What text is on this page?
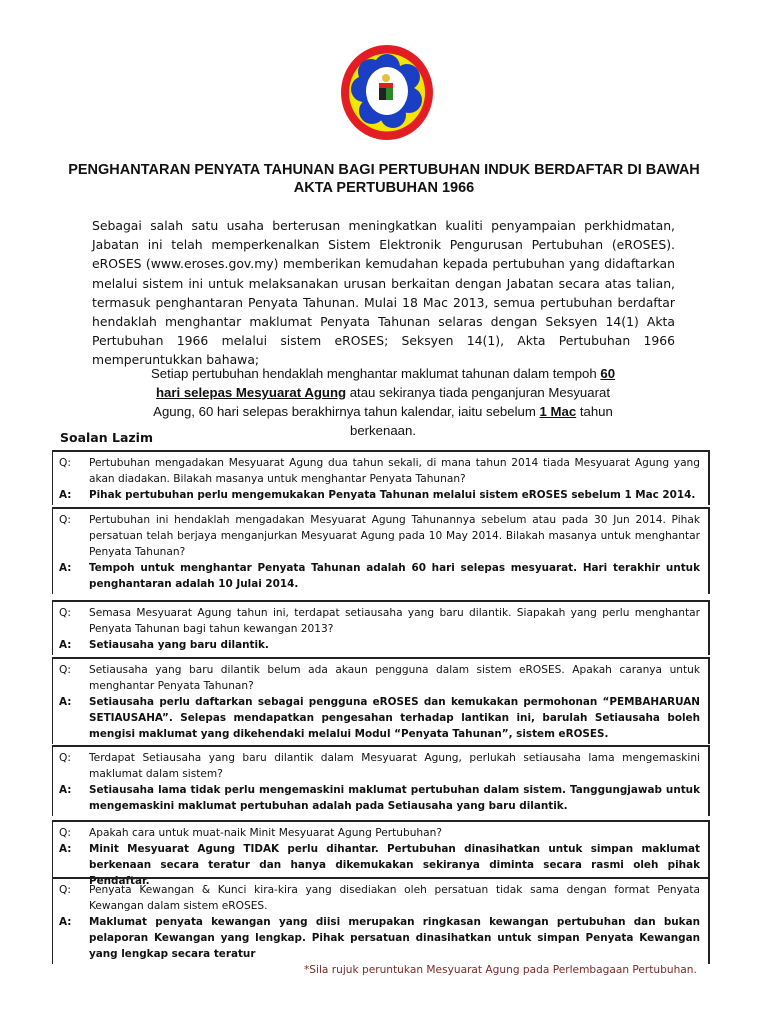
PENGHANTARAN PENYATA TAHUNAN BAGI PERTUBUHAN INDUK BERDAFTAR DI BAWAH AKTA PERTUBUHAN 1966
Sebagai salah satu usaha berterusan meningkatkan kualiti penyampaian perkhidmatan, Jabatan ini telah memperkenalkan Sistem Elektronik Pengurusan Pertubuhan (eROSES). eROSES (www.eroses.gov.my) memberikan kemudahan kepada pertubuhan yang didaftarkan melalui sistem ini untuk melaksanakan urusan berkaitan dengan Jabatan secara atas talian, termasuk penghantaran Penyata Tahunan. Mulai 18 Mac 2013, semua pertubuhan berdaftar hendaklah menghantar maklumat Penyata Tahunan selaras dengan Seksyen 14(1) Akta Pertubuhan 1966 melalui sistem eROSES; Seksyen 14(1), Akta Pertubuhan 1966 memperuntukkan bahawa;
Setiap pertubuhan hendaklah menghantar maklumat tahunan dalam tempoh 60 hari selepas Mesyuarat Agung atau sekiranya tiada penganjuran Mesyuarat Agung, 60 hari selepas berakhirnya tahun kalendar, iaitu sebelum 1 Mac tahun berkenaan.
Soalan Lazim
Q:	Pertubuhan mengadakan Mesyuarat Agung dua tahun sekali, di mana tahun 2014 tiada Mesyuarat Agung yang akan diadakan. Bilakah masanya untuk menghantar Penyata Tahunan?
A:	Pihak pertubuhan perlu mengemukakan Penyata Tahunan melalui sistem eROSES sebelum 1 Mac 2014.
Q:	Pertubuhan ini hendaklah mengadakan Mesyuarat Agung Tahunannya sebelum atau pada 30 Jun 2014. Pihak persatuan telah berjaya menganjurkan Mesyuarat Agung pada 10 May 2014. Bilakah masanya untuk menghantar Penyata Tahunan?
A:	Tempoh untuk menghantar Penyata Tahunan adalah 60 hari selepas mesyuarat. Hari terakhir untuk penghantaran adalah 10 Julai 2014.
Q:	Semasa Mesyuarat Agung tahun ini, terdapat setiausaha yang baru dilantik. Siapakah yang perlu menghantar Penyata Tahunan bagi tahun kewangan 2013?
A:	Setiausaha yang baru dilantik.
Q:	Setiausaha yang baru dilantik belum ada akaun pengguna dalam sistem eROSES. Apakah caranya untuk menghantar Penyata Tahunan?
A:	Setiausaha perlu daftarkan sebagai pengguna eROSES dan kemukakan permohonan “PEMBAHARUAN SETIAUSAHA”. Selepas mendapatkan pengesahan terhadap lantikan ini, barulah Setiausaha boleh mengisi maklumat yang dikehendaki melalui Modul “Penyata Tahunan”, sistem eROSES.
Q:	Terdapat Setiausaha yang baru dilantik dalam Mesyuarat Agung, perlukah setiausaha lama mengemaskini maklumat dalam sistem?
A:	Setiausaha lama tidak perlu mengemaskini maklumat pertubuhan dalam sistem. Tanggungjawab untuk mengemaskini maklumat pertubuhan adalah pada Setiausaha yang baru dilantik.
Q:	Apakah cara untuk muat-naik Minit Mesyuarat Agung Pertubuhan?
A:	Minit Mesyuarat Agung TIDAK perlu dihantar. Pertubuhan dinasihatkan untuk simpan maklumat berkenaan secara teratur dan hanya dikemukakan sekiranya diminta secara rasmi oleh pihak Pendaftar.
Q:	Penyata Kewangan & Kunci kira-kira yang disediakan oleh persatuan tidak sama dengan format Penyata Kewangan dalam sistem eROSES.
A:	Maklumat penyata kewangan yang diisi merupakan ringkasan kewangan pertubuhan dan bukan pelaporan Kewangan yang lengkap. Pihak persatuan dinasihatkan untuk simpan Penyata Kewangan yang lengkap secara teratur
*Sila rujuk peruntukan Mesyuarat Agung pada Perlembagaan Pertubuhan.
